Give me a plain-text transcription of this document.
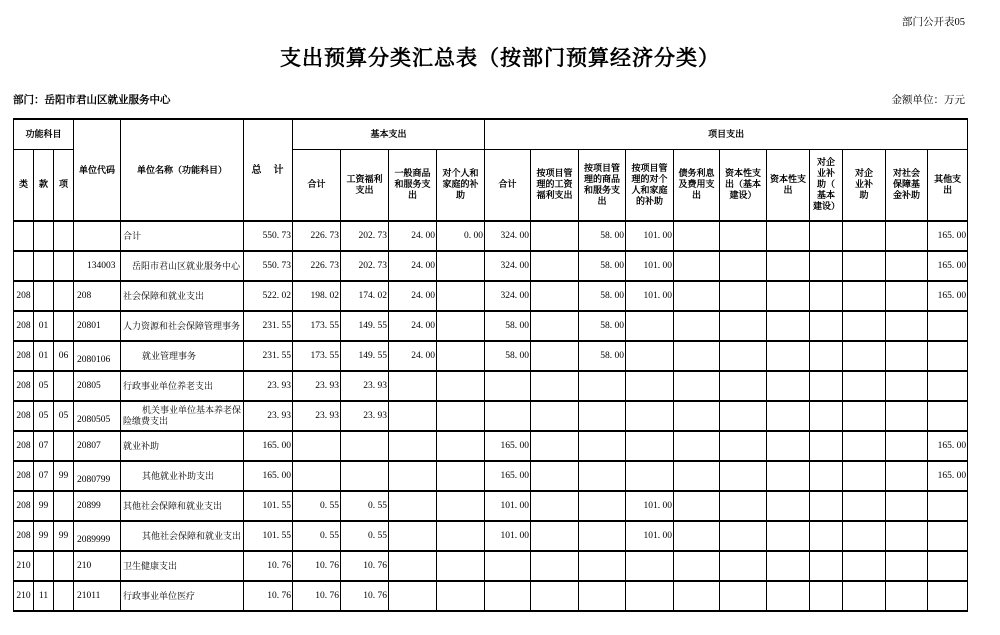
部门公开表05
支出预算分类汇总表（按部门预算经济分类）
部门：岳阳市君山区就业服务中心	金额单位：万元
功能科目			单位代码	单位名称（功能科目）	总　计	基本支出				项目支出										
类	款	项				合计	工资福利支出	一般商品和服务支出	对个人和家庭的补助	合计	按项目管理的工资福利支出	按项目管理的商品和服务支出	按项目管理的对个人和家庭的补助	债务利息及费用支出	资本性支出（基本建设）	资本性支出	对企业补助（基本建设）	对企业补助	对社会保障基金补助	其他支出
				合计	550. 73	226. 73	202. 73	24. 00	0. 00	324. 00		58. 00	101. 00							165. 00
			134003	岳阳市君山区就业服务中心	550. 73	226. 73	202. 73	24. 00		324. 00		58. 00	101. 00							165. 00
208			208	社会保障和就业支出	522. 02	198. 02	174. 02	24. 00		324. 00		58. 00	101. 00							165. 00
208	01		20801	人力资源和社会保障管理事务	231. 55	173. 55	149. 55	24. 00		58. 00		58. 00								
208	01	06	2080106	就业管理事务	231. 55	173. 55	149. 55	24. 00		58. 00		58. 00								
208	05		20805	行政事业单位养老支出	23. 93	23. 93	23. 93													
208	05	05	2080505	机关事业单位基本养老保险缴费支出	23. 93	23. 93	23. 93													
208	07		20807	就业补助	165. 00					165. 00										165. 00
208	07	99	2080799	其他就业补助支出	165. 00					165. 00										165. 00
208	99		20899	其他社会保障和就业支出	101. 55	0. 55	0. 55			101. 00			101. 00							
208	99	99	2089999	其他社会保障和就业支出	101. 55	0. 55	0. 55			101. 00			101. 00							
210			210	卫生健康支出	10. 76	10. 76	10. 76													
210	11		21011	行政事业单位医疗	10. 76	10. 76	10. 76													
